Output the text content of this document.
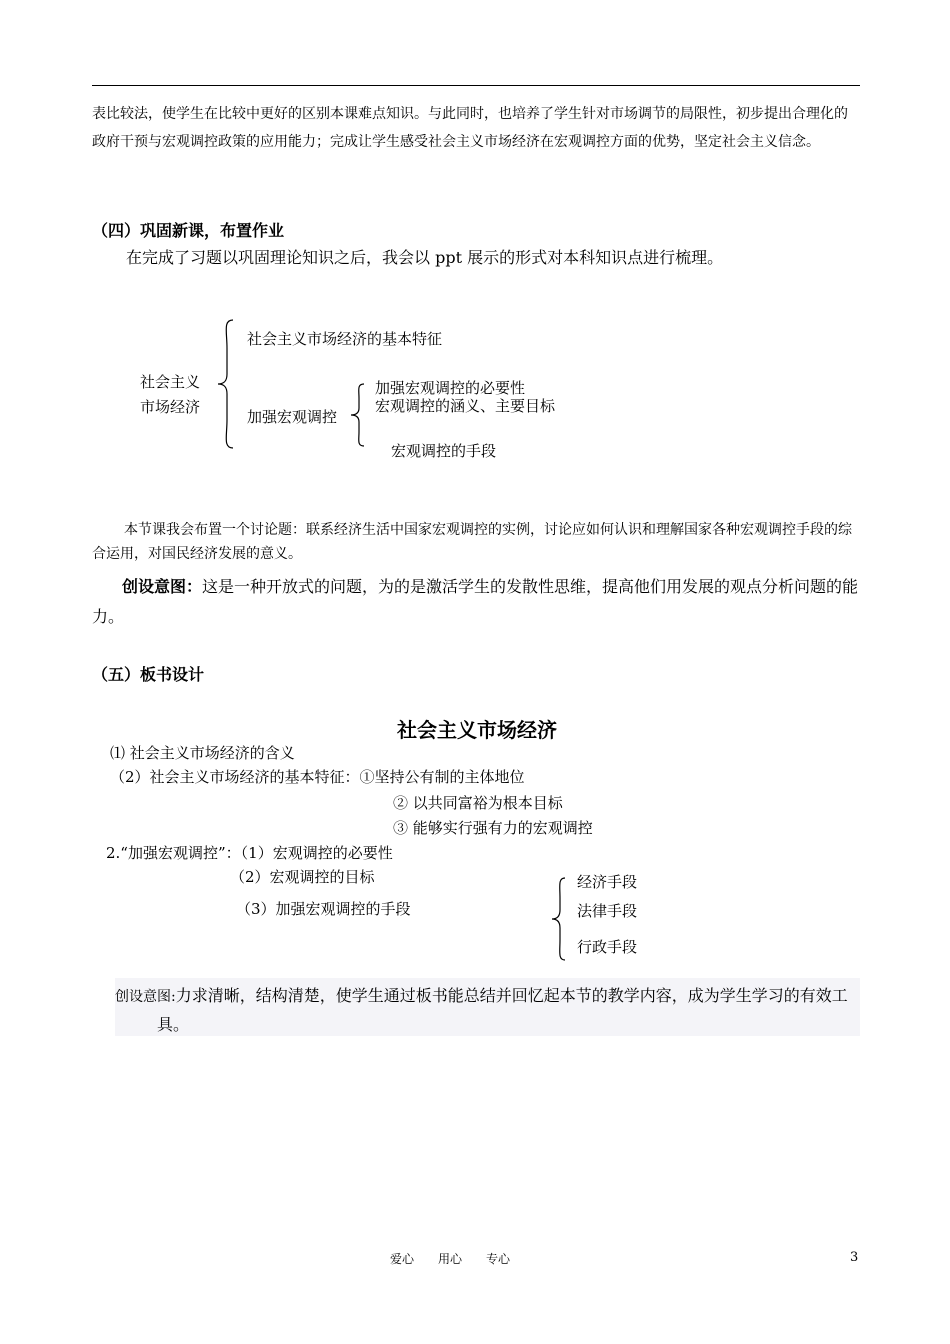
表比较法，使学生在比较中更好的区别本课难点知识。与此同时，也培养了学生针对市场调节的局限性，初步提出合理化的政府干预与宏观调控政策的应用能力；完成让学生感受社会主义市场经济在宏观调控方面的优势，坚定社会主义信念。
（四）巩固新课，布置作业
在完成了习题以巩固理论知识之后，我会以 ppt 展示的形式对本科知识点进行梳理。
社会主义
市场经济
社会主义市场经济的基本特征
加强宏观调控
加强宏观调控的必要性
宏观调控的涵义、主要目标
宏观调控的手段
本节课我会布置一个讨论题：联系经济生活中国家宏观调控的实例，讨论应如何认识和理解国家各种宏观调控手段的综合运用，对国民经济发展的意义。
创设意图：这是一种开放式的问题，为的是激活学生的发散性思维，提高他们用发展的观点分析问题的能力。
（五）板书设计
社会主义市场经济
⑴ 社会主义市场经济的含义
（2）社会主义市场经济的基本特征：①坚持公有制的主体地位
② 以共同富裕为根本目标
③ 能够实行强有力的宏观调控
2.“加强宏观调控”：（1）宏观调控的必要性
（2）宏观调控的目标
（3）加强宏观调控的手段
经济手段
法律手段
行政手段
创设意图:力求清晰，结构清楚，使学生通过板书能总结并回忆起本节的教学内容，成为学生学习的有效工具。
爱心　　用心　　专心	3
